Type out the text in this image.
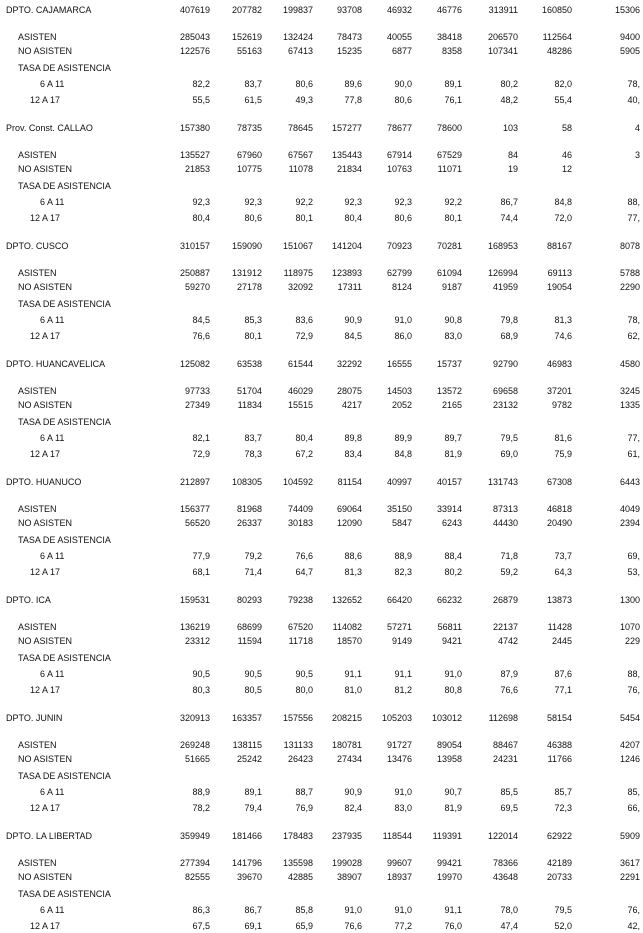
DPTO. CAJAMARCA	407619	207782	199837	93708	46932	46776	313911	160850	15306
ASISTEN	285043	152619	132424	78473	40055	38418	206570	112564	9400
NO ASISTEN	122576	55163	67413	15235	6877	8358	107341	48286	5905
TASA DE ASISTENCIA
6 A 11	82,2	83,7	80,6	89,6	90,0	89,1	80,2	82,0	78,
12 A 17	55,5	61,5	49,3	77,8	80,6	76,1	48,2	55,4	40,
Prov. Const. CALLAO	157380	78735	78645	157277	78677	78600	103	58	4
ASISTEN	135527	67960	67567	135443	67914	67529	84	46	3
NO ASISTEN	21853	10775	11078	21834	10763	11071	19	12
TASA DE ASISTENCIA
6 A 11	92,3	92,3	92,2	92,3	92,3	92,2	86,7	84,8	88,
12 A 17	80,4	80,6	80,1	80,4	80,6	80,1	74,4	72,0	77,
DPTO. CUSCO	310157	159090	151067	141204	70923	70281	168953	88167	8078
ASISTEN	250887	131912	118975	123893	62799	61094	126994	69113	5788
NO ASISTEN	59270	27178	32092	17311	8124	9187	41959	19054	2290
TASA DE ASISTENCIA
6 A 11	84,5	85,3	83,6	90,9	91,0	90,8	79,8	81,3	78,
12 A 17	76,6	80,1	72,9	84,5	86,0	83,0	68,9	74,6	62,
DPTO. HUANCAVELICA	125082	63538	61544	32292	16555	15737	92790	46983	4580
ASISTEN	97733	51704	46029	28075	14503	13572	69658	37201	3245
NO ASISTEN	27349	11834	15515	4217	2052	2165	23132	9782	1335
TASA DE ASISTENCIA
6 A 11	82,1	83,7	80,4	89,8	89,9	89,7	79,5	81,6	77,
12 A 17	72,9	78,3	67,2	83,4	84,8	81,9	69,0	75,9	61,
DPTO. HUANUCO	212897	108305	104592	81154	40997	40157	131743	67308	6443
ASISTEN	156377	81968	74409	69064	35150	33914	87313	46818	4049
NO ASISTEN	56520	26337	30183	12090	5847	6243	44430	20490	2394
TASA DE ASISTENCIA
6 A 11	77,9	79,2	76,6	88,6	88,9	88,4	71,8	73,7	69,
12 A 17	68,1	71,4	64,7	81,3	82,3	80,2	59,2	64,3	53,
DPTO. ICA	159531	80293	79238	132652	66420	66232	26879	13873	1300
ASISTEN	136219	68699	67520	114082	57271	56811	22137	11428	1070
NO ASISTEN	23312	11594	11718	18570	9149	9421	4742	2445	229
TASA DE ASISTENCIA
6 A 11	90,5	90,5	90,5	91,1	91,1	91,0	87,9	87,6	88,
12 A 17	80,3	80,5	80,0	81,0	81,2	80,8	76,6	77,1	76,
DPTO. JUNIN	320913	163357	157556	208215	105203	103012	112698	58154	5454
ASISTEN	269248	138115	131133	180781	91727	89054	88467	46388	4207
NO ASISTEN	51665	25242	26423	27434	13476	13958	24231	11766	1246
TASA DE ASISTENCIA
6 A 11	88,9	89,1	88,7	90,9	91,0	90,7	85,5	85,7	85,
12 A 17	78,2	79,4	76,9	82,4	83,0	81,9	69,5	72,3	66,
DPTO. LA LIBERTAD	359949	181466	178483	237935	118544	119391	122014	62922	5909
ASISTEN	277394	141796	135598	199028	99607	99421	78366	42189	3617
NO ASISTEN	82555	39670	42885	38907	18937	19970	43648	20733	2291
TASA DE ASISTENCIA
6 A 11	86,3	86,7	85,8	91,0	91,0	91,1	78,0	79,5	76,
12 A 17	67,5	69,1	65,9	76,6	77,2	76,0	47,4	52,0	42,
